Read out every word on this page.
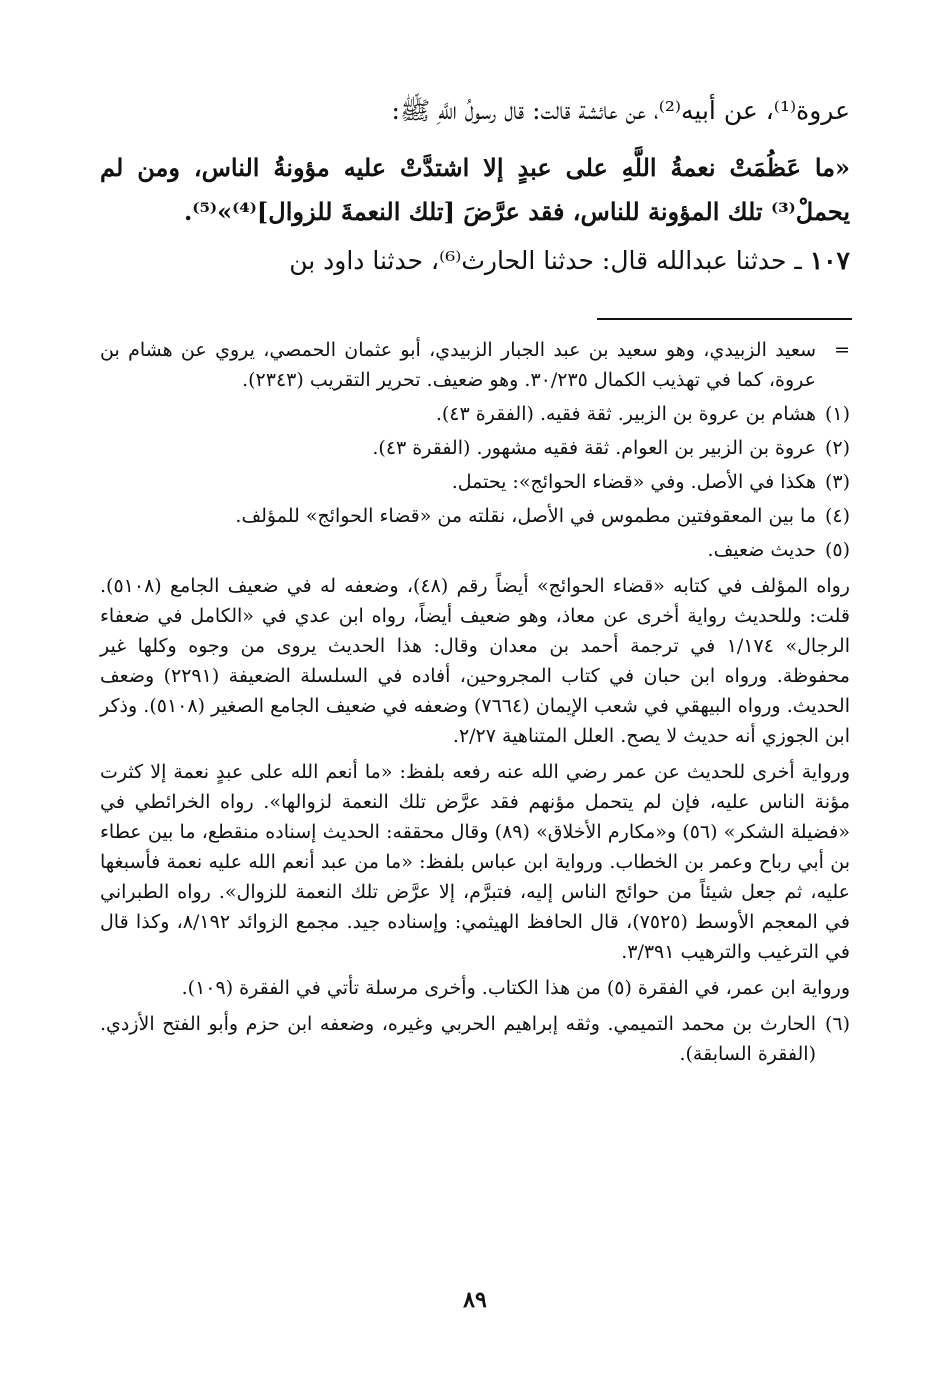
عروة⁽¹⁾، عن أبيه⁽²⁾، عن عائشة قالت: قال رسولُ اللَّهِ ﷺ:
«ما عَظُمَتْ نعمةُ اللَّهِ على عبدٍ إلا اشتدَّتْ عليه مؤونةُ الناس، ومن لم يحملْ⁽³⁾ تلك المؤونة للناس، فقد عرَّضَ [تلك النعمةَ للزوال]⁽⁴⁾»⁽⁵⁾.
١٠٧ ـ حدثنا عبدالله قال: حدثنا الحارث⁽⁶⁾، حدثنا داود بن
=
سعيد الزبيدي، وهو سعيد بن عبد الجبار الزبيدي، أبو عثمان الحمصي، يروي عن هشام بن عروة، كما في تهذيب الكمال ٣٠/٢٣٥. وهو ضعيف. تحرير التقريب (٢٣٤٣).
(١)
هشام بن عروة بن الزبير. ثقة فقيه. (الفقرة ٤٣).
(٢)
عروة بن الزبير بن العوام. ثقة فقيه مشهور. (الفقرة ٤٣).
(٣)
هكذا في الأصل. وفي «قضاء الحوائج»: يحتمل.
(٤)
ما بين المعقوفتين مطموس في الأصل، نقلته من «قضاء الحوائج» للمؤلف.
(٥)
حديث ضعيف.
رواه المؤلف في كتابه «قضاء الحوائج» أيضاً رقم (٤٨)، وضعفه له في ضعيف الجامع (٥١٠٨). قلت: وللحديث رواية أخرى عن معاذ، وهو ضعيف أيضاً، رواه ابن عدي في «الكامل في ضعفاء الرجال» ١/١٧٤ في ترجمة أحمد بن معدان وقال: هذا الحديث يروى من وجوه وكلها غير محفوظة. ورواه ابن حبان في كتاب المجروحين، أفاده في السلسلة الضعيفة (٢٢٩١) وضعف الحديث. ورواه البيهقي في شعب الإيمان (٧٦٦٤) وضعفه في ضعيف الجامع الصغير (٥١٠٨). وذكر ابن الجوزي أنه حديث لا يصح. العلل المتناهية ٢/٢٧.
ورواية أخرى للحديث عن عمر رضي الله عنه رفعه بلفظ: «ما أنعم الله على عبدٍ نعمة إلا كثرت مؤنة الناس عليه، فإن لم يتحمل مؤنهم فقد عرَّض تلك النعمة لزوالها». رواه الخرائطي في «فضيلة الشكر» (٥٦) و«مكارم الأخلاق» (٨٩) وقال محققه: الحديث إسناده منقطع، ما بين عطاء بن أبي رباح وعمر بن الخطاب. ورواية ابن عباس بلفظ: «ما من عبد أنعم الله عليه نعمة فأسبغها عليه، ثم جعل شيئاً من حوائج الناس إليه، فتبرَّم، إلا عرَّض تلك النعمة للزوال». رواه الطبراني في المعجم الأوسط (٧٥٢٥)، قال الحافظ الهيثمي: وإسناده جيد. مجمع الزوائد ٨/١٩٢، وكذا قال في الترغيب والترهيب ٣/٣٩١.
ورواية ابن عمر، في الفقرة (٥) من هذا الكتاب. وأخرى مرسلة تأتي في الفقرة (١٠٩).
(٦)
الحارث بن محمد التميمي. وثقه إبراهيم الحربي وغيره، وضعفه ابن حزم وأبو الفتح الأزدي. (الفقرة السابقة).
٨٩
